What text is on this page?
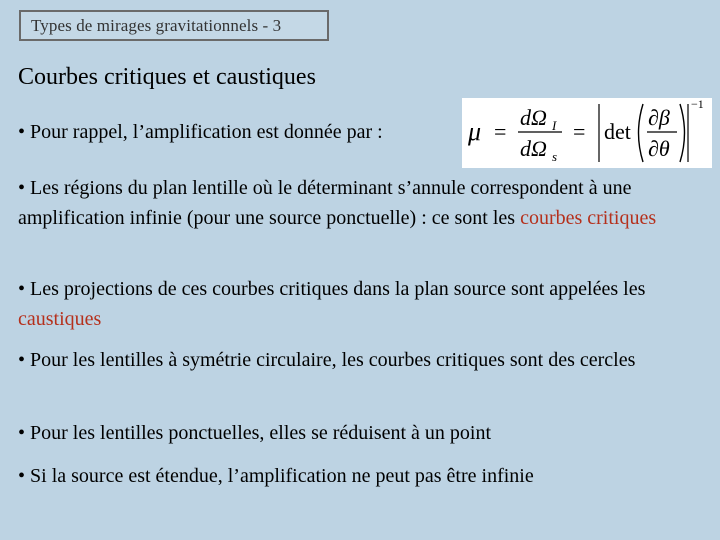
Types de mirages gravitationnels - 3
Courbes critiques et caustiques

• Pour rappel, l’amplification est donnée par :	μ =
dΩ I
dΩ s
= det
∂β
∂θ
−1

• Les régions du plan lentille où le déterminant s’annule correspondent à une amplification infinie (pour une source ponctuelle) : ce sont les courbes critiques

• Les projections de ces courbes critiques dans la plan source sont appelées les caustiques

• Pour les lentilles à symétrie circulaire, les courbes critiques sont des cercles

• Pour les lentilles ponctuelles, elles se réduisent à un point

• Si la source est étendue, l’amplification ne peut pas être infinie
